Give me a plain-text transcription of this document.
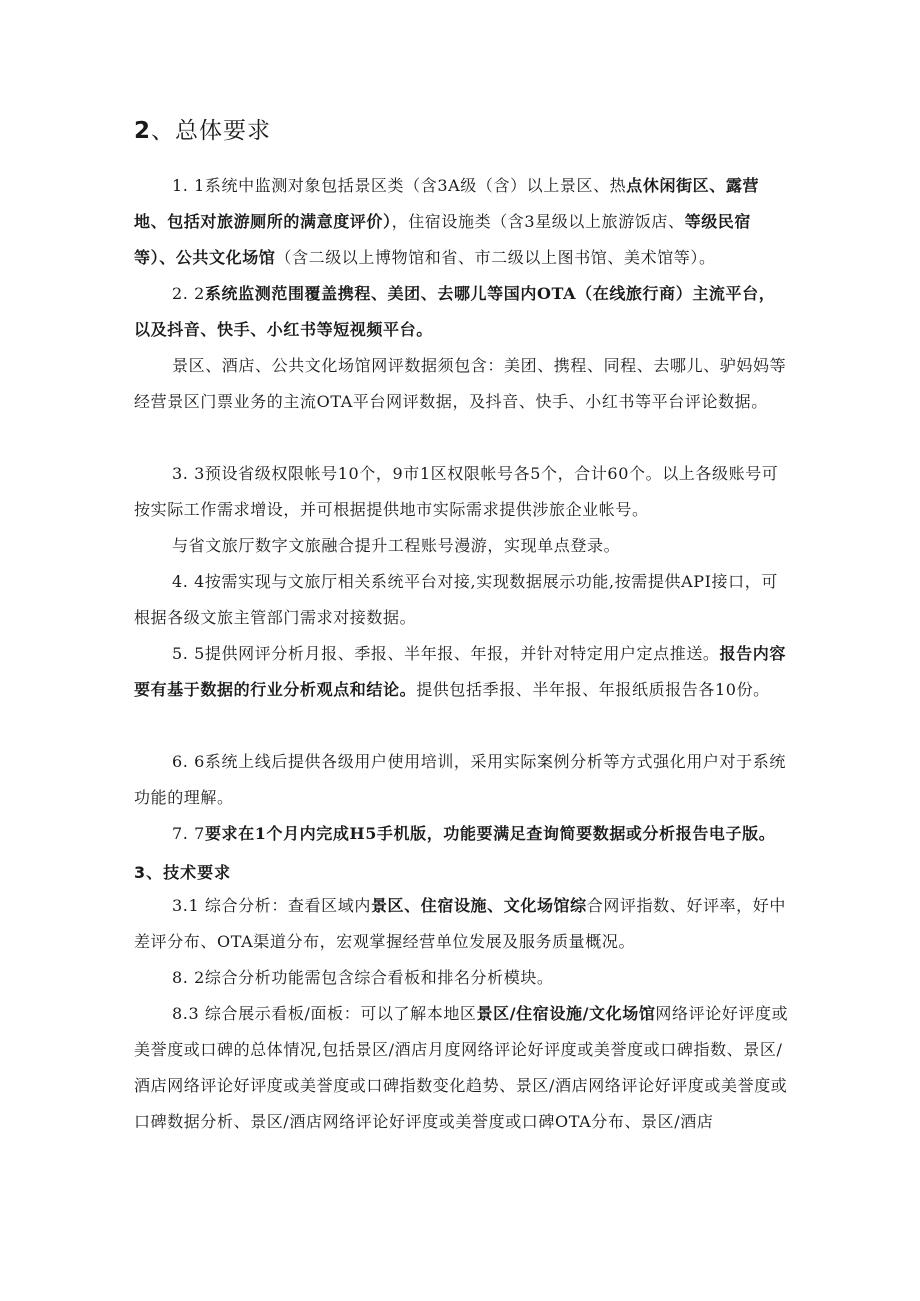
2、总体要求

1. 1系统中监测对象包括景区类（含3A级（含）以上景区、热点休闲街区、露营地、包括对旅游厕所的满意度评价），住宿设施类（含3星级以上旅游饭店、等级民宿等）、公共文化场馆（含二级以上博物馆和省、市二级以上图书馆、美术馆等）。

2. 2系统监测范围覆盖携程、美团、去哪儿等国内OTA（在线旅行商）主流平台，以及抖音、快手、小红书等短视频平台。

景区、酒店、公共文化场馆网评数据须包含：美团、携程、同程、去哪儿、驴妈妈等经营景区门票业务的主流OTA平台网评数据，及抖音、快手、小红书等平台评论数据。

3. 3预设省级权限帐号10个，9市1区权限帐号各5个，合计60个。以上各级账号可按实际工作需求增设，并可根据提供地市实际需求提供涉旅企业帐号。

与省文旅厅数字文旅融合提升工程账号漫游，实现单点登录。

4. 4按需实现与文旅厅相关系统平台对接,实现数据展示功能,按需提供API接口，可根据各级文旅主管部门需求对接数据。

5. 5提供网评分析月报、季报、半年报、年报，并针对特定用户定点推送。报告内容要有基于数据的行业分析观点和结论。提供包括季报、半年报、年报纸质报告各10份。

6. 6系统上线后提供各级用户使用培训，采用实际案例分析等方式强化用户对于系统功能的理解。

7. 7要求在1个月内完成H5手机版，功能要满足查询简要数据或分析报告电子版。

3、技术要求

3.1 综合分析：查看区域内景区、住宿设施、文化场馆综合网评指数、好评率，好中差评分布、OTA渠道分布，宏观掌握经营单位发展及服务质量概况。

8. 2综合分析功能需包含综合看板和排名分析模块。

8.3 综合展示看板/面板：可以了解本地区景区/住宿设施/文化场馆网络评论好评度或美誉度或口碑的总体情况,包括景区/酒店月度网络评论好评度或美誉度或口碑指数、景区/酒店网络评论好评度或美誉度或口碑指数变化趋势、景区/酒店网络评论好评度或美誉度或口碑数据分析、景区/酒店网络评论好评度或美誉度或口碑OTA分布、景区/酒店
